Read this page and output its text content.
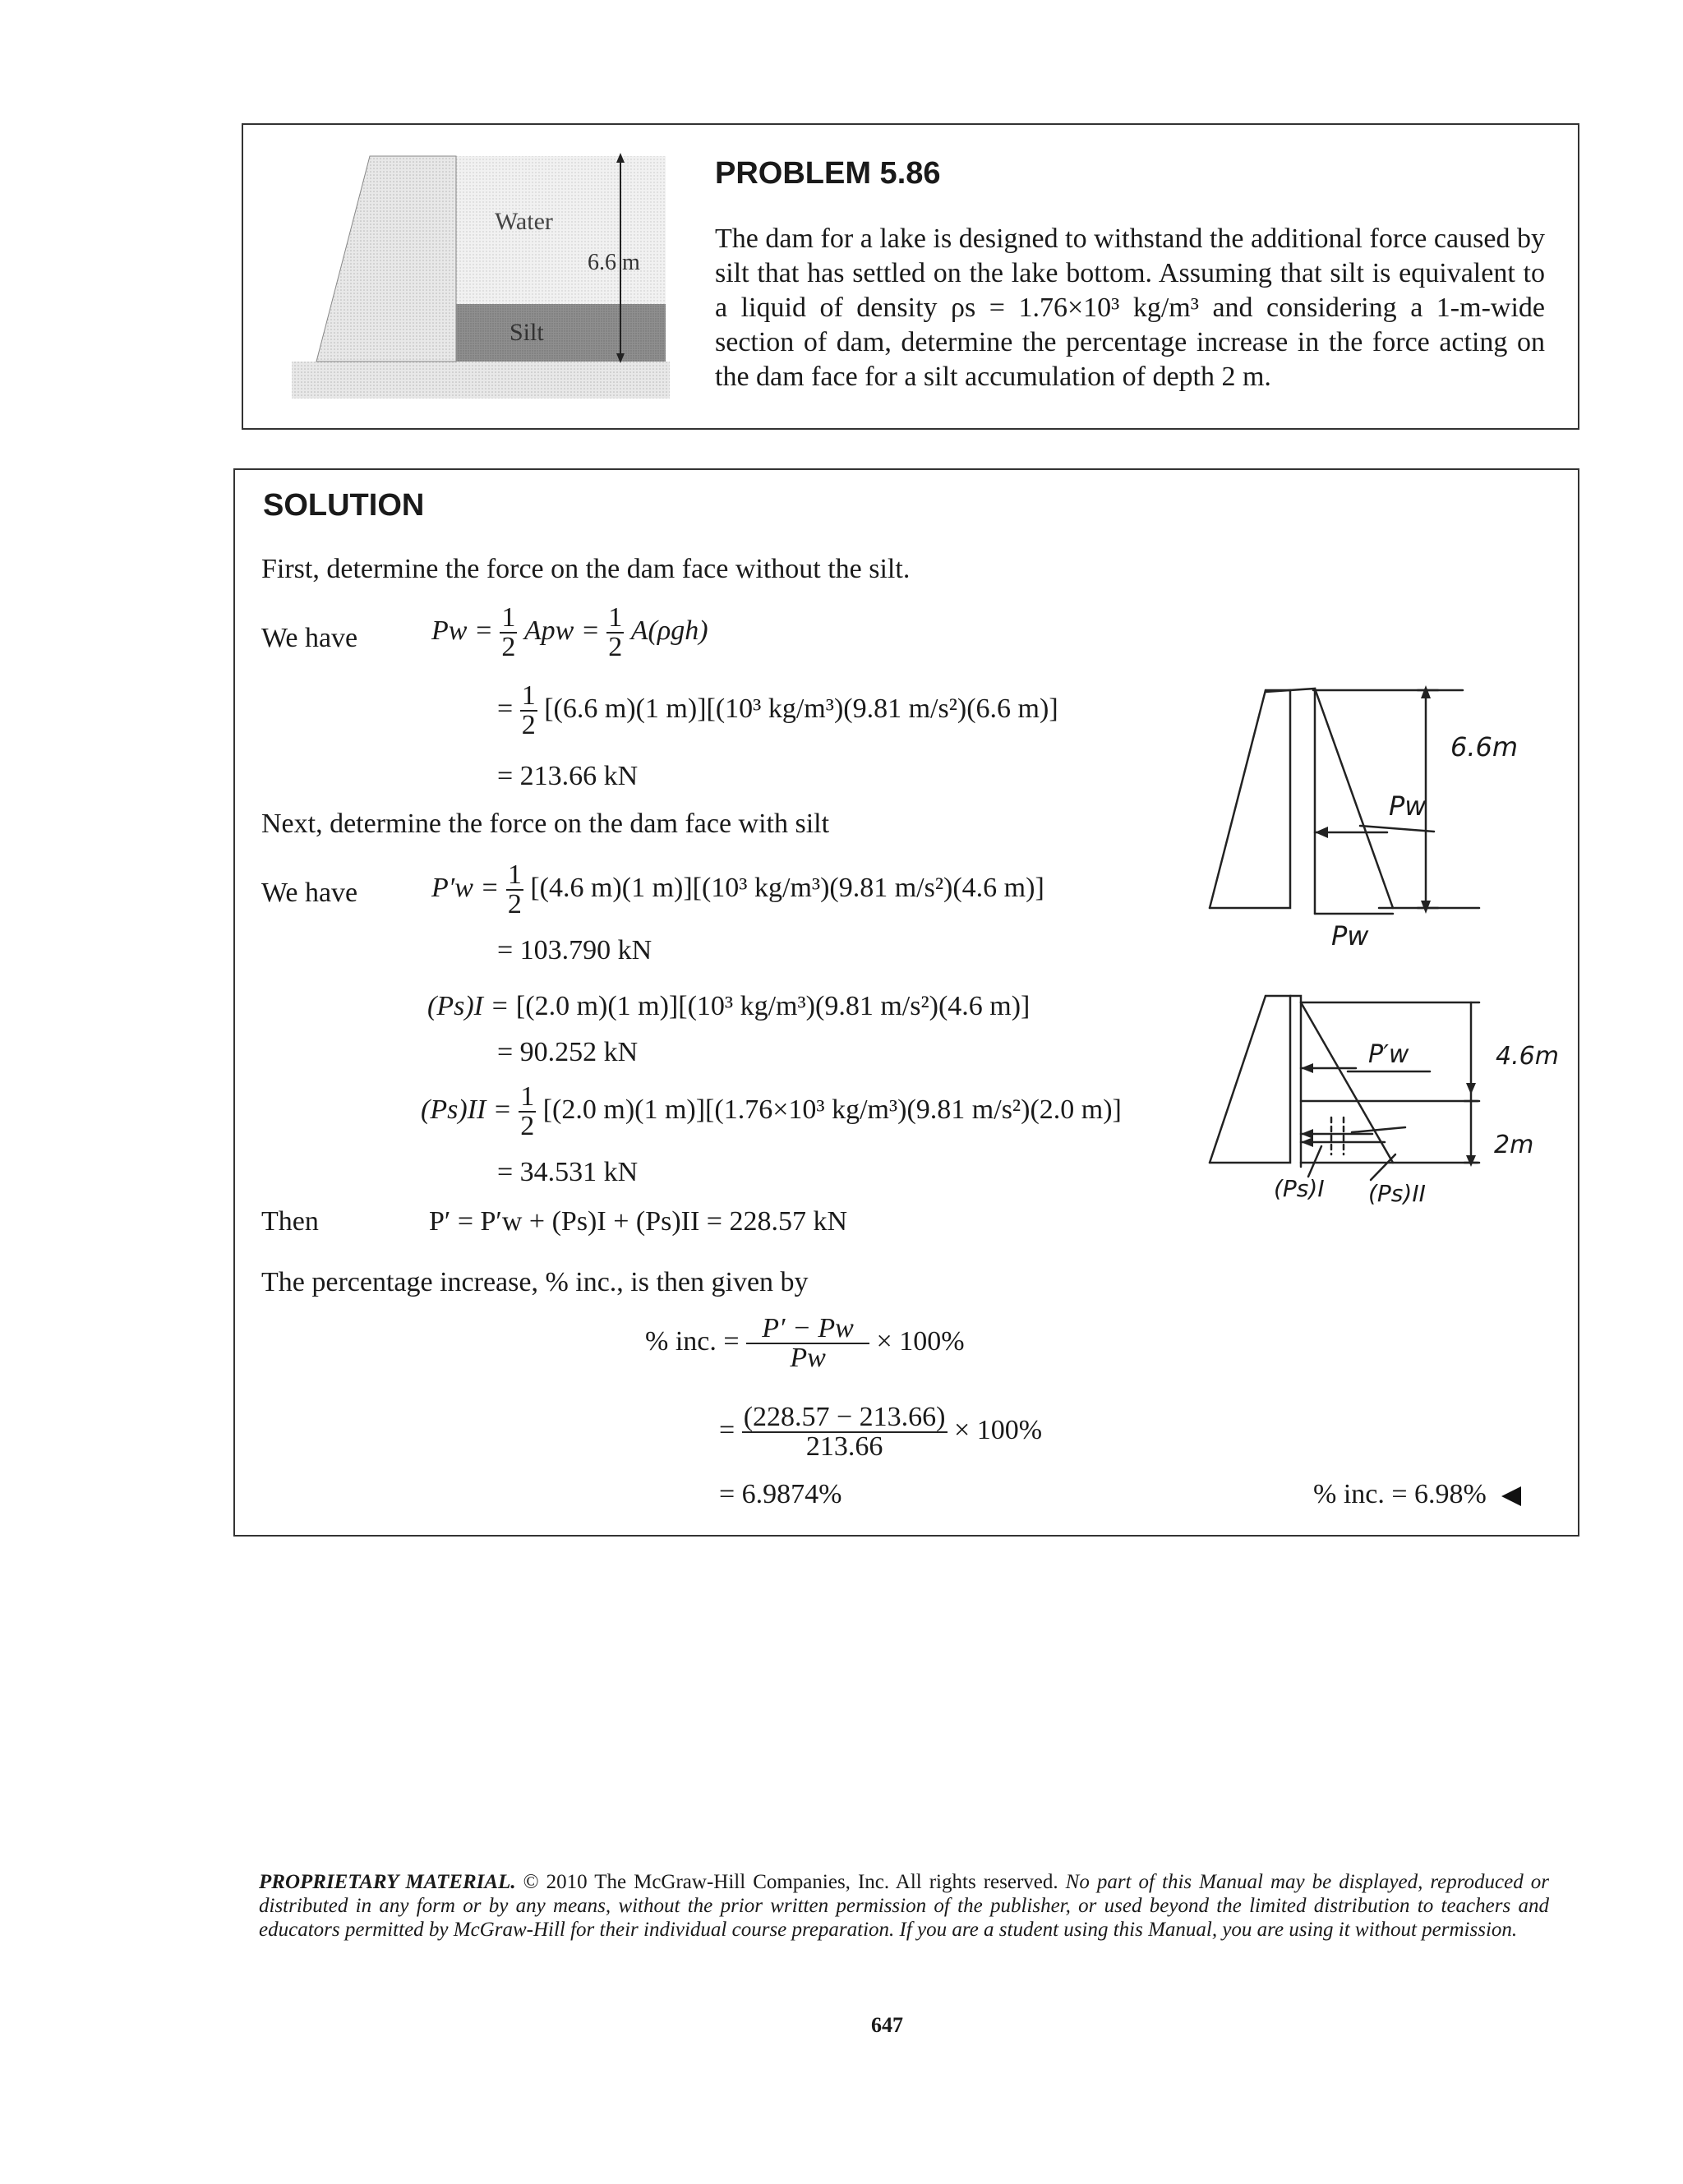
Water
Silt
6.6 m
PROBLEM 5.86
The dam for a lake is designed to withstand the additional force caused by silt that has settled on the lake bottom. Assuming that silt is equivalent to a liquid of density ρs = 1.76×10³ kg/m³ and considering a 1-m-wide section of dam, determine the percentage increase in the force acting on the dam face for a silt accumulation of depth 2 m.
SOLUTION
First, determine the force on the dam face without the silt.
We have	$Pw = \frac{1}{2}$ Apw = $\frac{1}{2} A(\rho gh)$
= $\frac{1}{2} [(6.6$ m)(1 m)][(10³ kg/m³)(9.81 m/s²)(6.6 m)]
= 213.66 kN
Next, determine the force on the dam face with silt
We have	$P'w = \frac{1}{2} [(4.6$ m)(1 m)][(10³ kg/m³)(9.81 m/s²)(4.6 m)]
= 103.790 kN
(Ps)I = [(2.0 m)(1 m)][(10³ kg/m³)(9.81 m/s²)(4.6 m)]
= 90.252 kN
$(Ps)II = \frac{1}{2} [(2.0$ m)(1 m)][(1.76×10³ kg/m³)(9.81 m/s²)(2.0 m)]
= 34.531 kN
Then	P′ = P′w + (Ps)I + (Ps)II = 228.57 kN
The percentage increase, % inc., is then given by
% inc. = $\frac{P' - Pw}{Pw} \times 100\%$
= $\frac{(228.57 - 213.66)}{213.66} \times 100\%$
= 6.9874%	% inc. = 6.98%
6.6m
Pw
Pw
P′w	4.6m
2m
(Ps)I (Ps)II
PROPRIETARY MATERIAL. © 2010 The McGraw-Hill Companies, Inc. All rights reserved. No part of this Manual may be displayed, reproduced or distributed in any form or by any means, without the prior written permission of the publisher, or used beyond the limited distribution to teachers and educators permitted by McGraw-Hill for their individual course preparation. If you are a student using this Manual, you are using it without permission.
647
